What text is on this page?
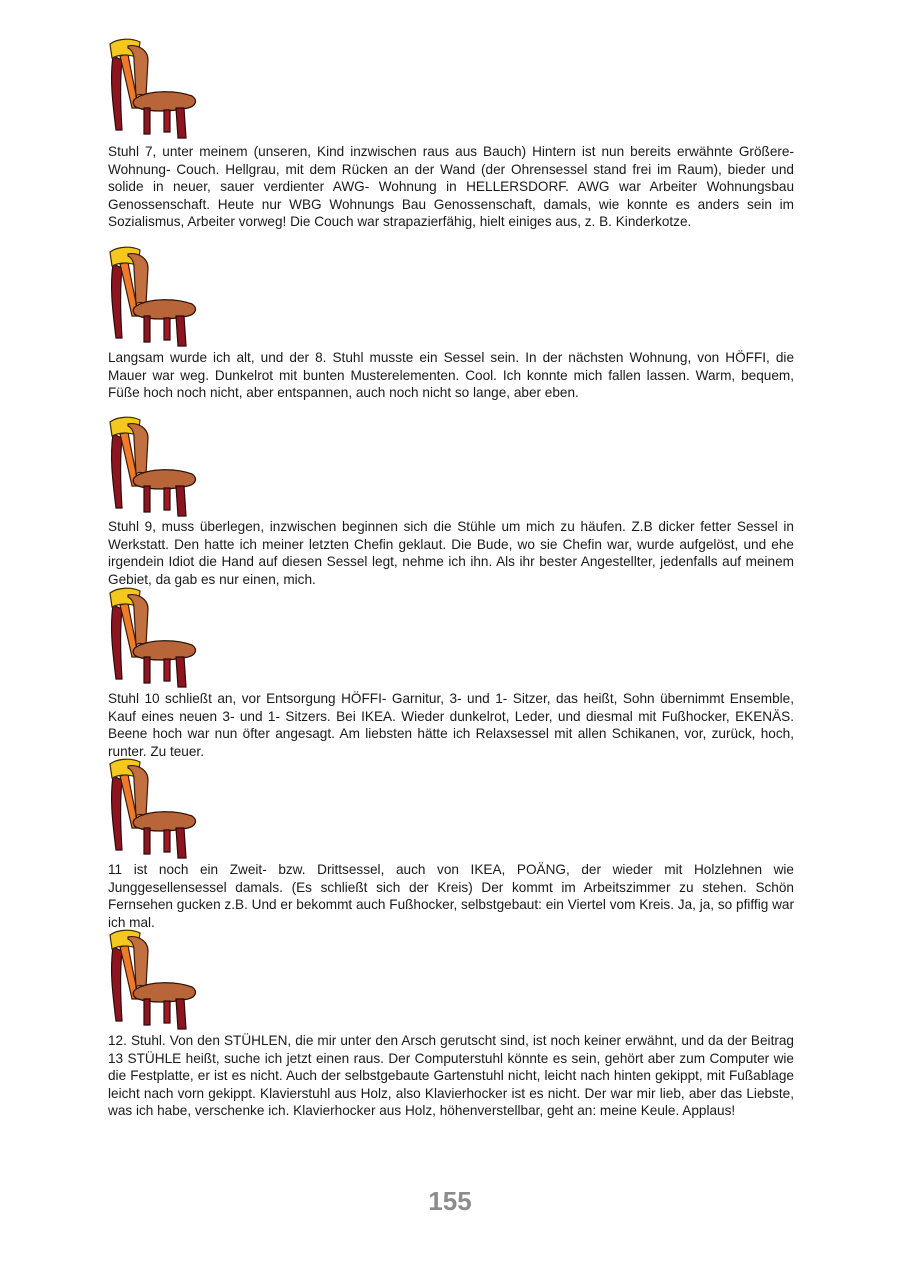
Stuhl 7, unter meinem (unseren, Kind inzwischen raus aus Bauch) Hintern ist nun bereits erwähnte Größere- Wohnung- Couch. Hellgrau, mit dem Rücken an der Wand (der Ohrensessel stand frei im Raum), bieder und solide in neuer, sauer verdienter AWG- Wohnung in HELLERSDORF. AWG war Arbeiter Wohnungsbau Genossenschaft. Heute nur WBG Wohnungs Bau Genossenschaft, damals, wie konnte es anders sein im Sozialismus, Arbeiter vorweg! Die Couch war strapazierfähig, hielt einiges aus, z. B. Kinderkotze.

Langsam wurde ich alt, und der 8. Stuhl musste ein Sessel sein. In der nächsten Wohnung, von HÖFFI, die Mauer war weg. Dunkelrot mit bunten Musterelementen. Cool. Ich konnte mich fallen lassen. Warm, bequem, Füße hoch noch nicht, aber entspannen, auch noch nicht so lange, aber eben.

Stuhl 9, muss überlegen, inzwischen beginnen sich die Stühle um mich zu häufen. Z.B dicker fetter Sessel in Werkstatt. Den hatte ich meiner letzten Chefin geklaut. Die Bude, wo sie Chefin war, wurde aufgelöst, und ehe irgendein Idiot die Hand auf diesen Sessel legt, nehme ich ihn. Als ihr bester Angestellter, jedenfalls auf meinem Gebiet, da gab es nur einen, mich.

Stuhl 10 schließt an, vor Entsorgung HÖFFI- Garnitur, 3- und 1- Sitzer, das heißt, Sohn übernimmt Ensemble, Kauf eines neuen 3- und 1- Sitzers. Bei IKEA. Wieder dunkelrot, Leder, und diesmal mit Fußhocker, EKENÄS. Beene hoch war nun öfter angesagt. Am liebsten hätte ich Relaxsessel mit allen Schikanen, vor, zurück, hoch, runter. Zu teuer.

11 ist noch ein Zweit- bzw. Drittsessel, auch von IKEA, POÄNG, der wieder mit Holzlehnen wie Junggesellensessel damals. (Es schließt sich der Kreis) Der kommt im Arbeitszimmer zu stehen. Schön Fernsehen gucken z.B. Und er bekommt auch Fußhocker, selbstgebaut: ein Viertel vom Kreis. Ja, ja, so pfiffig war ich mal.

12. Stuhl. Von den STÜHLEN, die mir unter den Arsch gerutscht sind, ist noch keiner erwähnt, und da der Beitrag 13 STÜHLE heißt, suche ich jetzt einen raus. Der Computerstuhl könnte es sein, gehört aber zum Computer wie die Festplatte, er ist es nicht. Auch der selbstgebaute Gartenstuhl nicht, leicht nach hinten gekippt, mit Fußablage leicht nach vorn gekippt. Klavierstuhl aus Holz, also Klavierhocker ist es nicht. Der war mir lieb, aber das Liebste, was ich habe, verschenke ich. Klavierhocker aus Holz, höhenverstellbar, geht an: meine Keule. Applaus!

155
